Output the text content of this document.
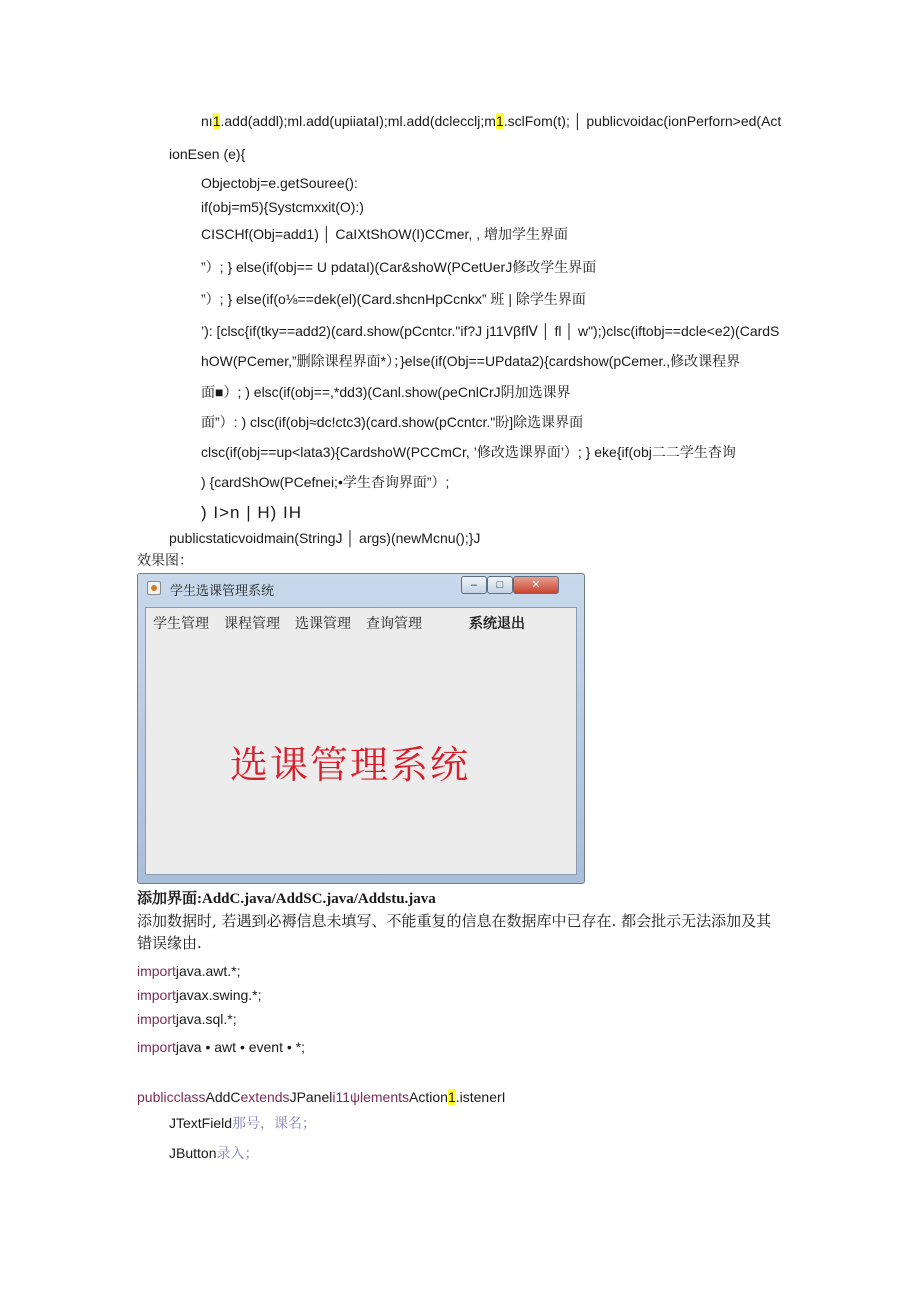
nı1.add(addl);ml.add(upiiataI);ml.add(dclecclj;m1.sclFom(t); │ publicvoidac(ionPerforn>ed(Act
ionEsen (e){
Objectobj=e.getSouree():
if(obj=m5){Systcmxxit(O):)
CISCHf(Obj=add1) │ CaIXtShOW(I)CCmer, , 增加学生界面
”）; } else(if(obj== U pdataI)(Car&shoW(PCetUerJ修改学生界面
”）; } else(if(o⅛==dek(el)(Card.shcnHpCcnkx” 班 | 除学生界面
’): [clsc{if(tky==add2)(card.show(pCcntcr."if?J j11VβfⅣ │ fl │ w");)clsc(iftobj==dcle<e2)(CardS
hOW(PCemer,”删除课程界面*）；}else(if(Obj==UPdata2){cardshow(pCemer.,修改课程界
面■）; ) elsc(if(obj==,*dd3)(Canl.show(ρeCnlCrJ阴加选课界
面”）: ) clsc(if(obj≈dc!ctc3)(card.show(pCcntcr."盼]除选课界面
clsc(if(obj==up<lata3){CardshoW(PCCmCr, ’修改选课界面’）; } eke{if(obj二二学生杳询
) {cardShOw(PCefnei;•学生杳询界面”）;
) I>n | H) IH
publicstaticvoidmain(StringJ │ args)(newMcnu();}J
效果图：
学生选课管理系统	–	□	✕
学生管理 课程管理 选课管理 查询管理	系统退出
选课管理系统
添加界面:AddC.java/AddSC.java/Addstu.java
添加数据时, 若遇到必褥信息未填写、不能重复的信息在数据库中已存在. 都会批示无法添加及其错误缘由.
importjava.awt.*;
importjavax.swing.*;
importjava.sql.*;
importjava • awt • event • *;
publicclassAddCextendsJPaneli11ψlementsAction1.istenerI
JTextField那号，课名；
JButton录入；
